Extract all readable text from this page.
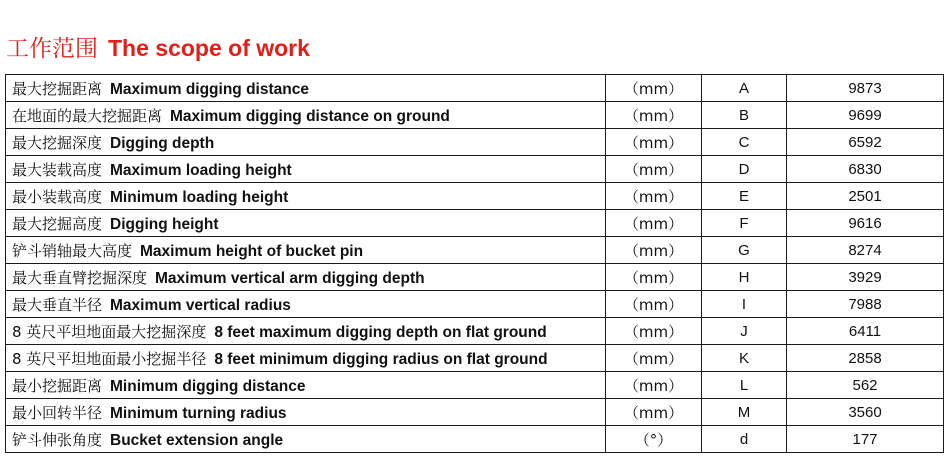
工作范围 The scope of work
最大挖掘距离 Maximum digging distance	（mm）	A	9873
在地面的最大挖掘距离 Maximum digging distance on ground	（mm）	B	9699
最大挖掘深度 Digging depth	（mm）	C	6592
最大装载高度 Maximum loading height	（mm）	D	6830
最小装载高度 Minimum loading height	（mm）	E	2501
最大挖掘高度 Digging height	（mm）	F	9616
铲斗销轴最大高度 Maximum height of bucket pin	（mm）	G	8274
最大垂直臂挖掘深度 Maximum vertical arm digging depth	（mm）	H	3929
最大垂直半径 Maximum vertical radius	（mm）	I	7988
8 英尺平坦地面最大挖掘深度 8 feet maximum digging depth on flat ground	（mm）	J	6411
8 英尺平坦地面最小挖掘半径 8 feet minimum digging radius on flat ground	（mm）	K	2858
最小挖掘距离 Minimum digging distance	（mm）	L	562
最小回转半径 Minimum turning radius	（mm）	M	3560
铲斗伸张角度 Bucket extension angle	（°）	d	177
